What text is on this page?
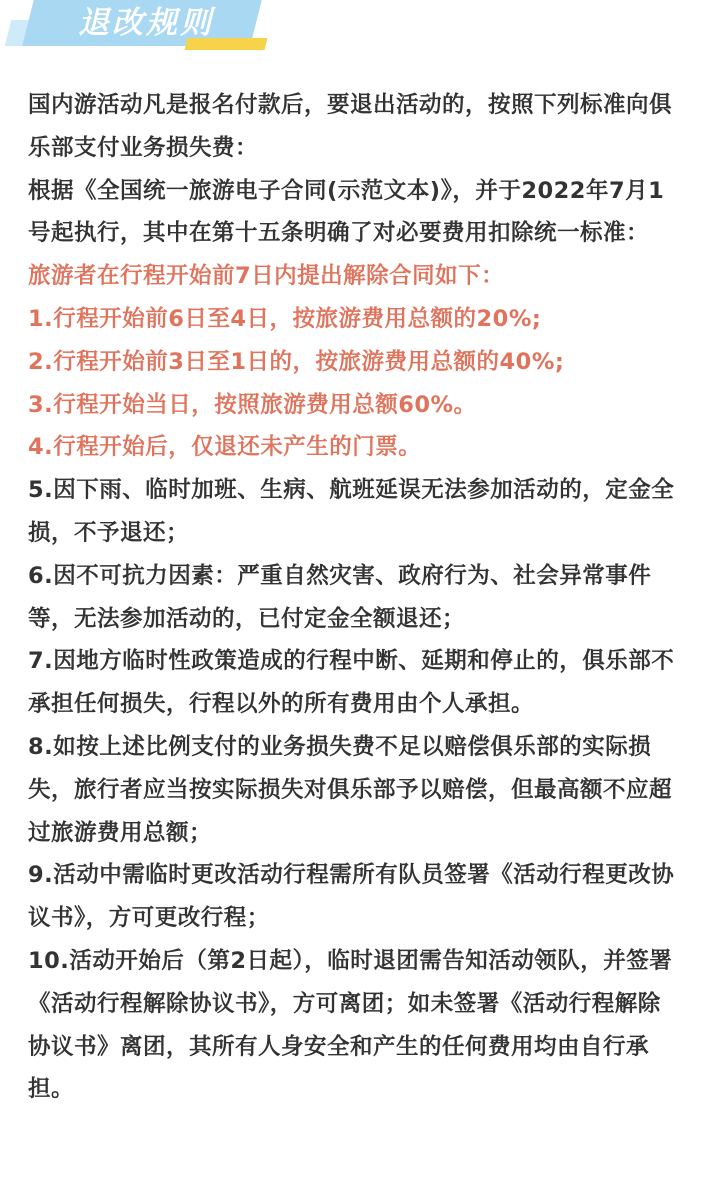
退改规则

国内游活动凡是报名付款后，要退出活动的，按照下列标准向俱乐部支付业务损失费：

根据《全国统一旅游电子合同(示范文本)》，并于2022年7月1号起执行，其中在第十五条明确了对必要费用扣除统一标准：

旅游者在行程开始前7日内提出解除合同如下：

1.行程开始前6日至4日，按旅游费用总额的20%;

2.行程开始前3日至1日的，按旅游费用总额的40%;

3.行程开始当日，按照旅游费用总额60%。

4.行程开始后，仅退还未产生的门票。

5.因下雨、临时加班、生病、航班延误无法参加活动的，定金全损，不予退还；

6.因不可抗力因素：严重自然灾害、政府行为、社会异常事件等，无法参加活动的，已付定金全额退还；

7.因地方临时性政策造成的行程中断、延期和停止的，俱乐部不承担任何损失，行程以外的所有费用由个人承担。

8.如按上述比例支付的业务损失费不足以赔偿俱乐部的实际损失，旅行者应当按实际损失对俱乐部予以赔偿，但最高额不应超过旅游费用总额；

9.活动中需临时更改活动行程需所有队员签署《活动行程更改协议书》，方可更改行程；

10.活动开始后（第2日起），临时退团需告知活动领队，并签署《活动行程解除协议书》，方可离团；如未签署《活动行程解除协议书》离团，其所有人身安全和产生的任何费用均由自行承担。
